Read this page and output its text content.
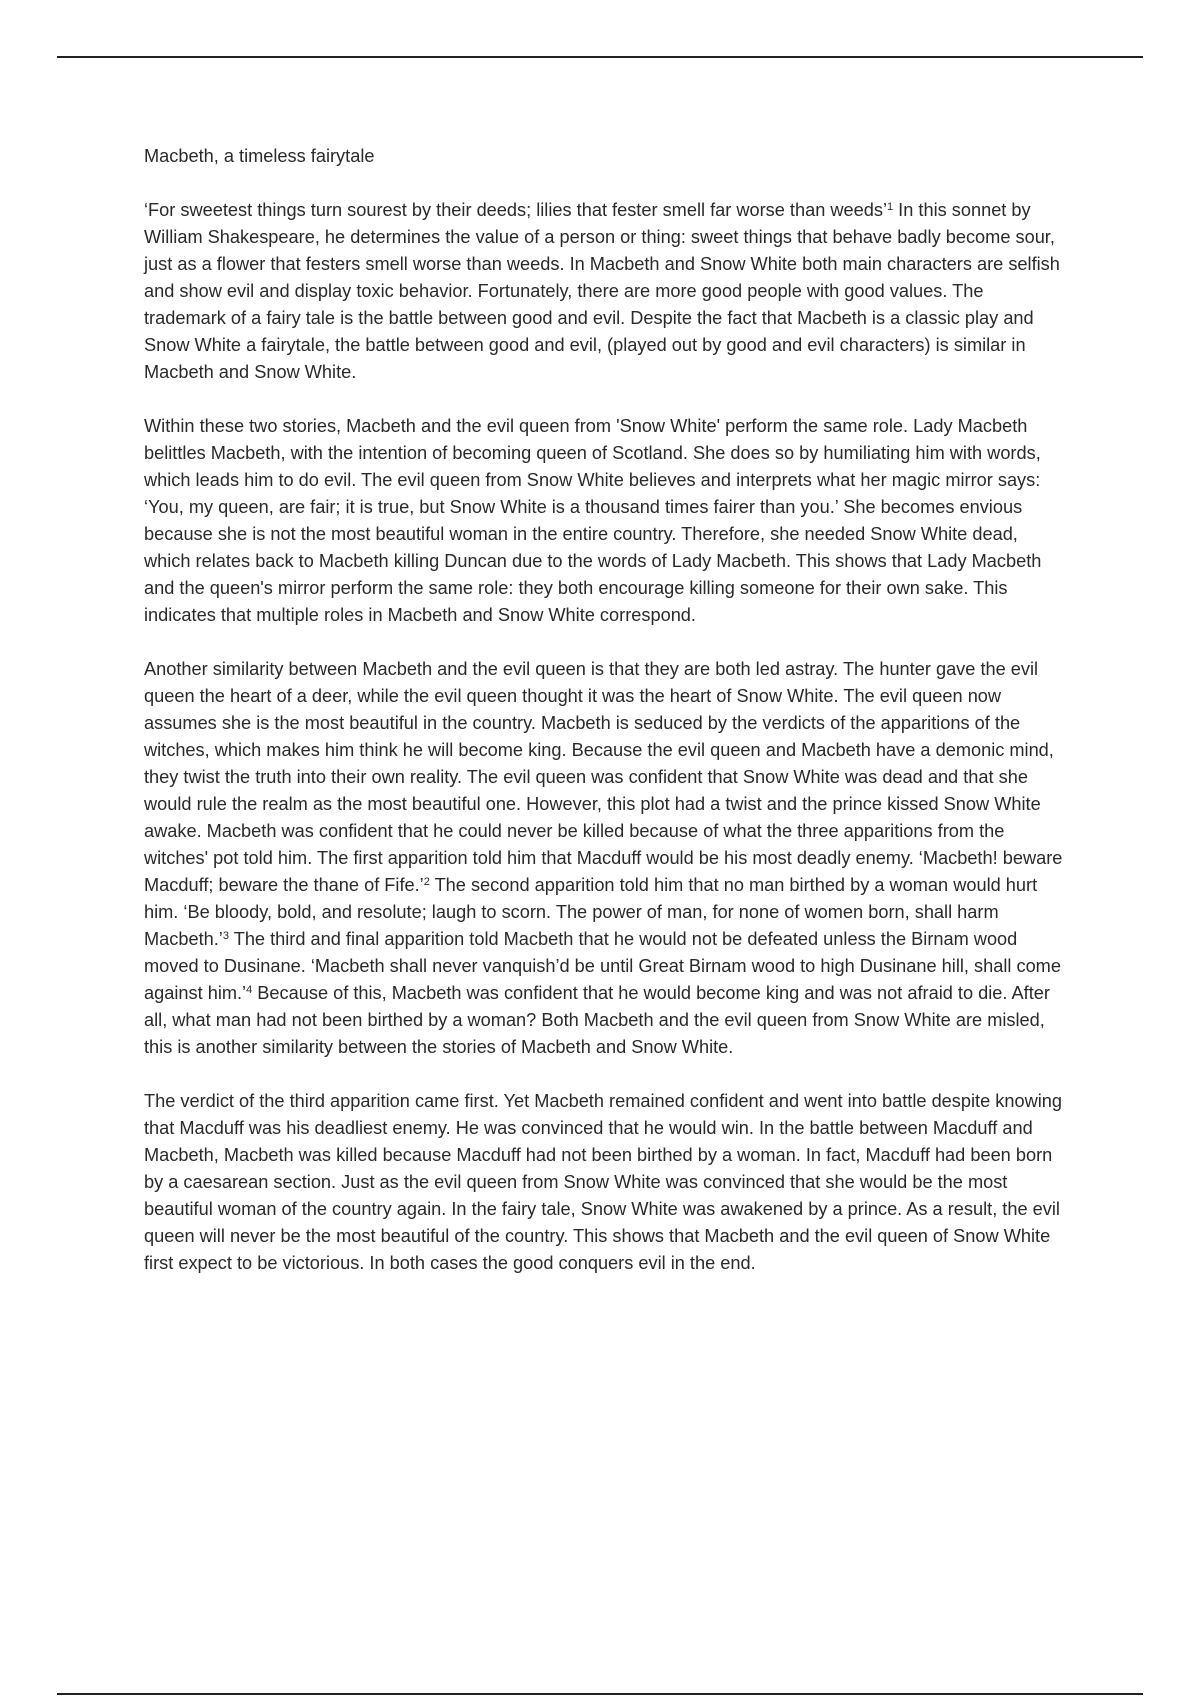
Macbeth, a timeless fairytale

‘For sweetest things turn sourest by their deeds; lilies that fester smell far worse than weeds’$^1$ In this sonnet by William Shakespeare, he determines the value of a person or thing: sweet things that behave badly become sour, just as a flower that festers smell worse than weeds. In Macbeth and Snow White both main characters are selfish and show evil and display toxic behavior. Fortunately, there are more good people with good values. The trademark of a fairy tale is the battle between good and evil. Despite the fact that Macbeth is a classic play and Snow White a fairytale, the battle between good and evil, (played out by good and evil characters) is similar in Macbeth and Snow White.

Within these two stories, Macbeth and the evil queen from 'Snow White' perform the same role. Lady Macbeth belittles Macbeth, with the intention of becoming queen of Scotland. She does so by humiliating him with words, which leads him to do evil. The evil queen from Snow White believes and interprets what her magic mirror says: ‘You, my queen, are fair; it is true, but Snow White is a thousand times fairer than you.’ She becomes envious because she is not the most beautiful woman in the entire country. Therefore, she needed Snow White dead, which relates back to Macbeth killing Duncan due to the words of Lady Macbeth. This shows that Lady Macbeth and the queen's mirror perform the same role: they both encourage killing someone for their own sake. This indicates that multiple roles in Macbeth and Snow White correspond.

Another similarity between Macbeth and the evil queen is that they are both led astray. The hunter gave the evil queen the heart of a deer, while the evil queen thought it was the heart of Snow White. The evil queen now assumes she is the most beautiful in the country. Macbeth is seduced by the verdicts of the apparitions of the witches, which makes him think he will become king. Because the evil queen and Macbeth have a demonic mind, they twist the truth into their own reality. The evil queen was confident that Snow White was dead and that she would rule the realm as the most beautiful one. However, this plot had a twist and the prince kissed Snow White awake. Macbeth was confident that he could never be killed because of what the three apparitions from the witches' pot told him. The first apparition told him that Macduff would be his most deadly enemy. ‘Macbeth! beware Macduff; beware the thane of Fife.’$^2$ The second apparition told him that no man birthed by a woman would hurt him. ‘Be bloody, bold, and resolute; laugh to scorn. The power of man, for none of women born, shall harm Macbeth.’$^3$ The third and final apparition told Macbeth that he would not be defeated unless the Birnam wood moved to Dusinane. ‘Macbeth shall never vanquish’d be until Great Birnam wood to high Dusinane hill, shall come against him.’$^4$ Because of this, Macbeth was confident that he would become king and was not afraid to die. After all, what man had not been birthed by a woman? Both Macbeth and the evil queen from Snow White are misled, this is another similarity between the stories of Macbeth and Snow White.

The verdict of the third apparition came first. Yet Macbeth remained confident and went into battle despite knowing that Macduff was his deadliest enemy. He was convinced that he would win. In the battle between Macduff and Macbeth, Macbeth was killed because Macduff had not been birthed by a woman. In fact, Macduff had been born by a caesarean section. Just as the evil queen from Snow White was convinced that she would be the most beautiful woman of the country again. In the fairy tale, Snow White was awakened by a prince. As a result, the evil queen will never be the most beautiful of the country. This shows that Macbeth and the evil queen of Snow White first expect to be victorious. In both cases the good conquers evil in the end.
